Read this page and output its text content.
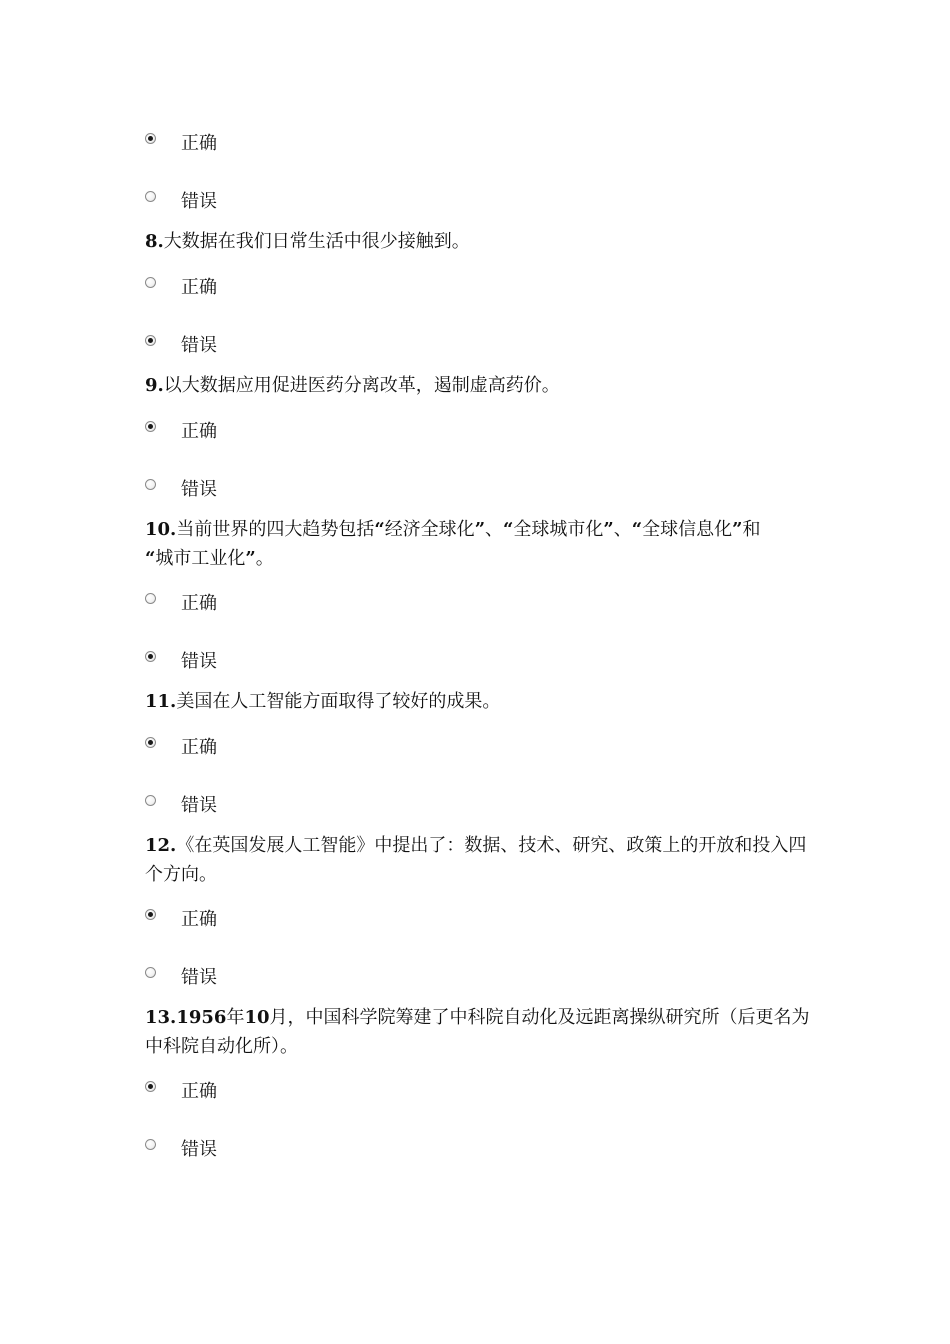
正确
错误
8.大数据在我们日常生活中很少接触到。
正确
错误
9.以大数据应用促进医药分离改革，遏制虚高药价。
正确
错误
10.当前世界的四大趋势包括“经济全球化”、“全球城市化”、“全球信息化”和
“城市工业化”。
正确
错误
11.美国在人工智能方面取得了较好的成果。
正确
错误
12.《在英国发展人工智能》中提出了：数据、技术、研究、政策上的开放和投入四个方向。
正确
错误
13.1956年10月，中国科学院筹建了中科院自动化及远距离操纵研究所（后更名为中科院自动化所）。
正确
错误
